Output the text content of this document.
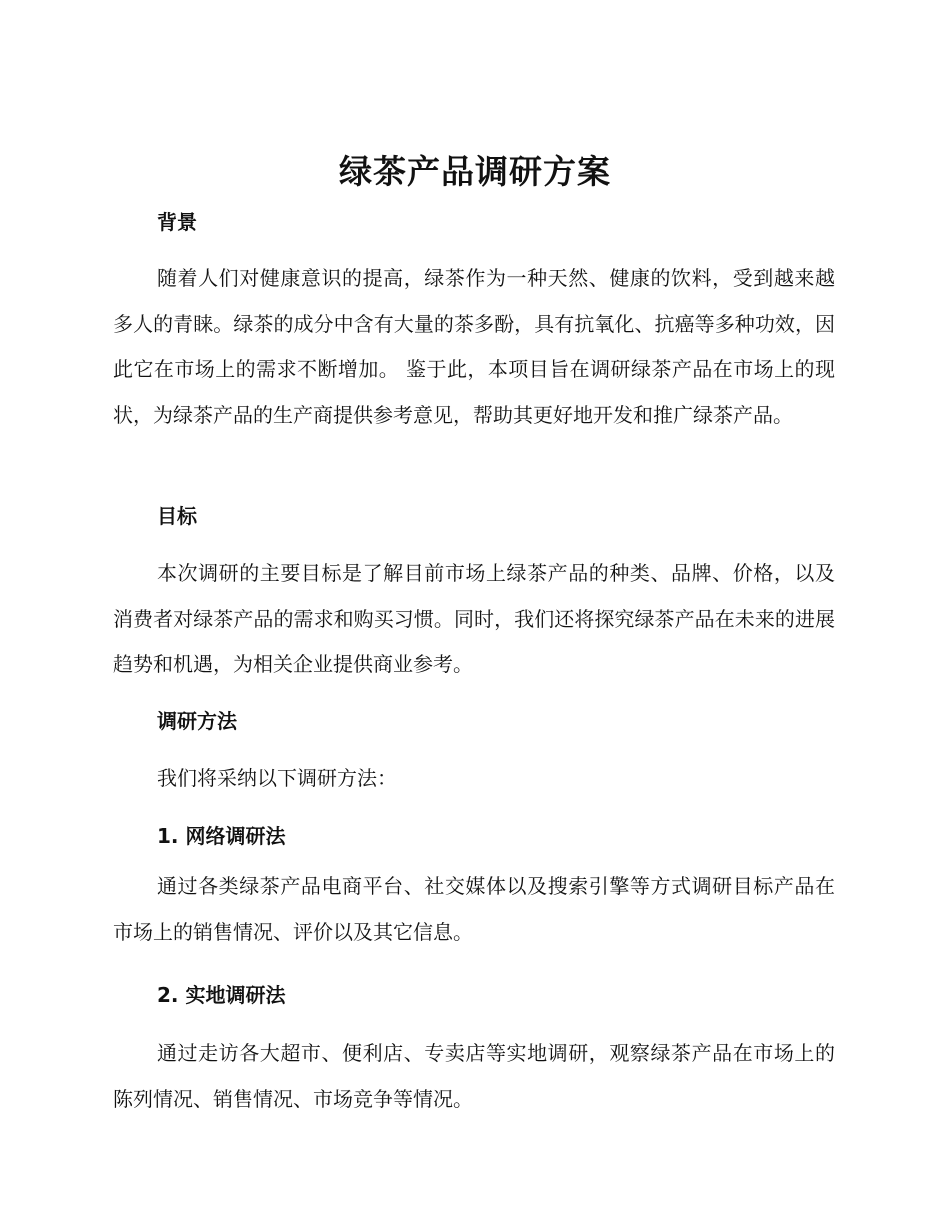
绿茶产品调研方案
背景

随着人们对健康意识的提高，绿茶作为一种天然、健康的饮料，受到越来越多人的青睐。绿茶的成分中含有大量的茶多酚，具有抗氧化、抗癌等多种功效，因此它在市场上的需求不断增加。 鉴于此，本项目旨在调研绿茶产品在市场上的现状，为绿茶产品的生产商提供参考意见，帮助其更好地开发和推广绿茶产品。

目标

本次调研的主要目标是了解目前市场上绿茶产品的种类、品牌、价格，以及消费者对绿茶产品的需求和购买习惯。同时，我们还将探究绿茶产品在未来的进展趋势和机遇，为相关企业提供商业参考。

调研方法
我们将采纳以下调研方法：
1. 网络调研法

通过各类绿茶产品电商平台、社交媒体以及搜索引擎等方式调研目标产品在市场上的销售情况、评价以及其它信息。

2. 实地调研法

通过走访各大超市、便利店、专卖店等实地调研，观察绿茶产品在市场上的陈列情况、销售情况、市场竞争等情况。
